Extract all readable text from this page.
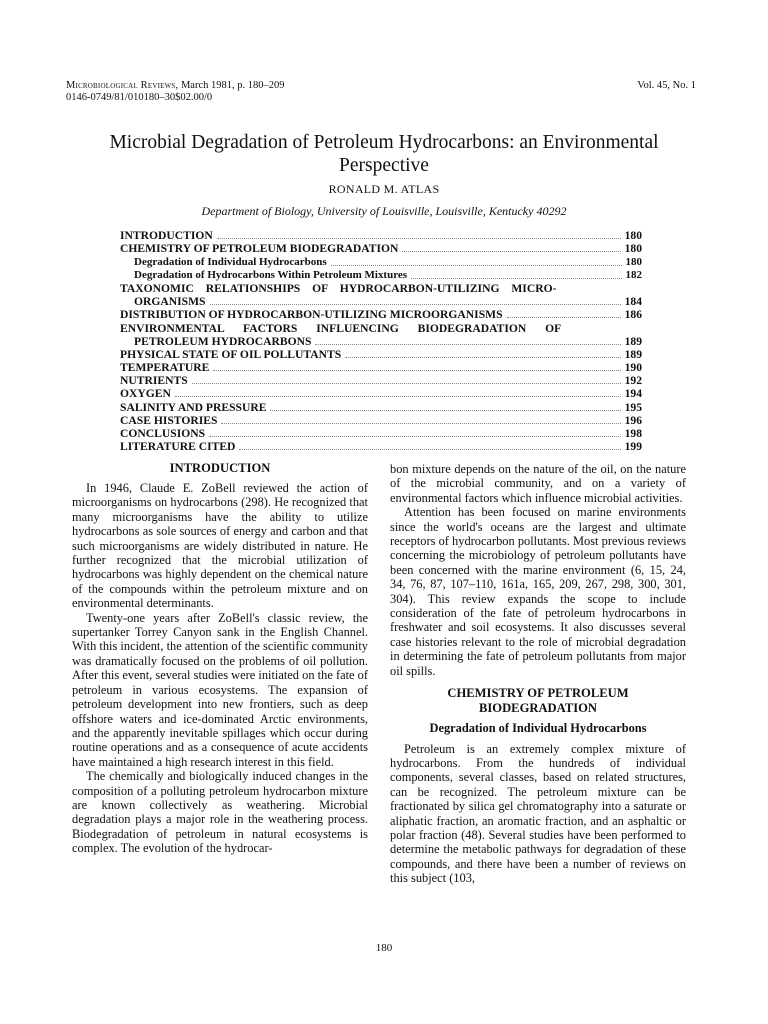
Microbiological Reviews, March 1981, p. 180–209
0146-0749/81/010180–30$02.00/0
Vol. 45, No. 1
Microbial Degradation of Petroleum Hydrocarbons: an Environmental Perspective
RONALD M. ATLAS
Department of Biology, University of Louisville, Louisville, Kentucky 40292
INTRODUCTION	180
CHEMISTRY OF PETROLEUM BIODEGRADATION	180
Degradation of Individual Hydrocarbons	180
Degradation of Hydrocarbons Within Petroleum Mixtures	182
TAXONOMIC RELATIONSHIPS OF HYDROCARBON-UTILIZING MICRO-
ORGANISMS	184
DISTRIBUTION OF HYDROCARBON-UTILIZING MICROORGANISMS	186
ENVIRONMENTAL FACTORS INFLUENCING BIODEGRADATION OF
PETROLEUM HYDROCARBONS	189
PHYSICAL STATE OF OIL POLLUTANTS	189
TEMPERATURE	190
NUTRIENTS	192
OXYGEN	194
SALINITY AND PRESSURE	195
CASE HISTORIES	196
CONCLUSIONS	198
LITERATURE CITED	199
INTRODUCTION

In 1946, Claude E. ZoBell reviewed the action of microorganisms on hydrocarbons (298). He recognized that many microorganisms have the ability to utilize hydrocarbons as sole sources of energy and carbon and that such microorganisms are widely distributed in nature. He further recognized that the microbial utilization of hydrocarbons was highly dependent on the chemical nature of the compounds within the petroleum mixture and on environmental determinants.

Twenty-one years after ZoBell's classic review, the supertanker Torrey Canyon sank in the English Channel. With this incident, the attention of the scientific community was dramatically focused on the problems of oil pollution. After this event, several studies were initiated on the fate of petroleum in various ecosystems. The expansion of petroleum development into new frontiers, such as deep offshore waters and ice-dominated Arctic environments, and the apparently inevitable spillages which occur during routine operations and as a consequence of acute accidents have maintained a high research interest in this field.

The chemically and biologically induced changes in the composition of a polluting petroleum hydrocarbon mixture are known collectively as weathering. Microbial degradation plays a major role in the weathering process. Biodegradation of petroleum in natural ecosystems is complex. The evolution of the hydrocar-

bon mixture depends on the nature of the oil, on the nature of the microbial community, and on a variety of environmental factors which influence microbial activities.

Attention has been focused on marine environments since the world's oceans are the largest and ultimate receptors of hydrocarbon pollutants. Most previous reviews concerning the microbiology of petroleum pollutants have been concerned with the marine environment (6, 15, 24, 34, 76, 87, 107–110, 161a, 165, 209, 267, 298, 300, 301, 304). This review expands the scope to include consideration of the fate of petroleum hydrocarbons in freshwater and soil ecosystems. It also discusses several case histories relevant to the role of microbial degradation in determining the fate of petroleum pollutants from major oil spills.

CHEMISTRY OF PETROLEUM
BIODEGRADATION
Degradation of Individual Hydrocarbons

Petroleum is an extremely complex mixture of hydrocarbons. From the hundreds of individual components, several classes, based on related structures, can be recognized. The petroleum mixture can be fractionated by silica gel chromatography into a saturate or aliphatic fraction, an aromatic fraction, and an asphaltic or polar fraction (48). Several studies have been performed to determine the metabolic pathways for degradation of these compounds, and there have been a number of reviews on this subject (103,

180
